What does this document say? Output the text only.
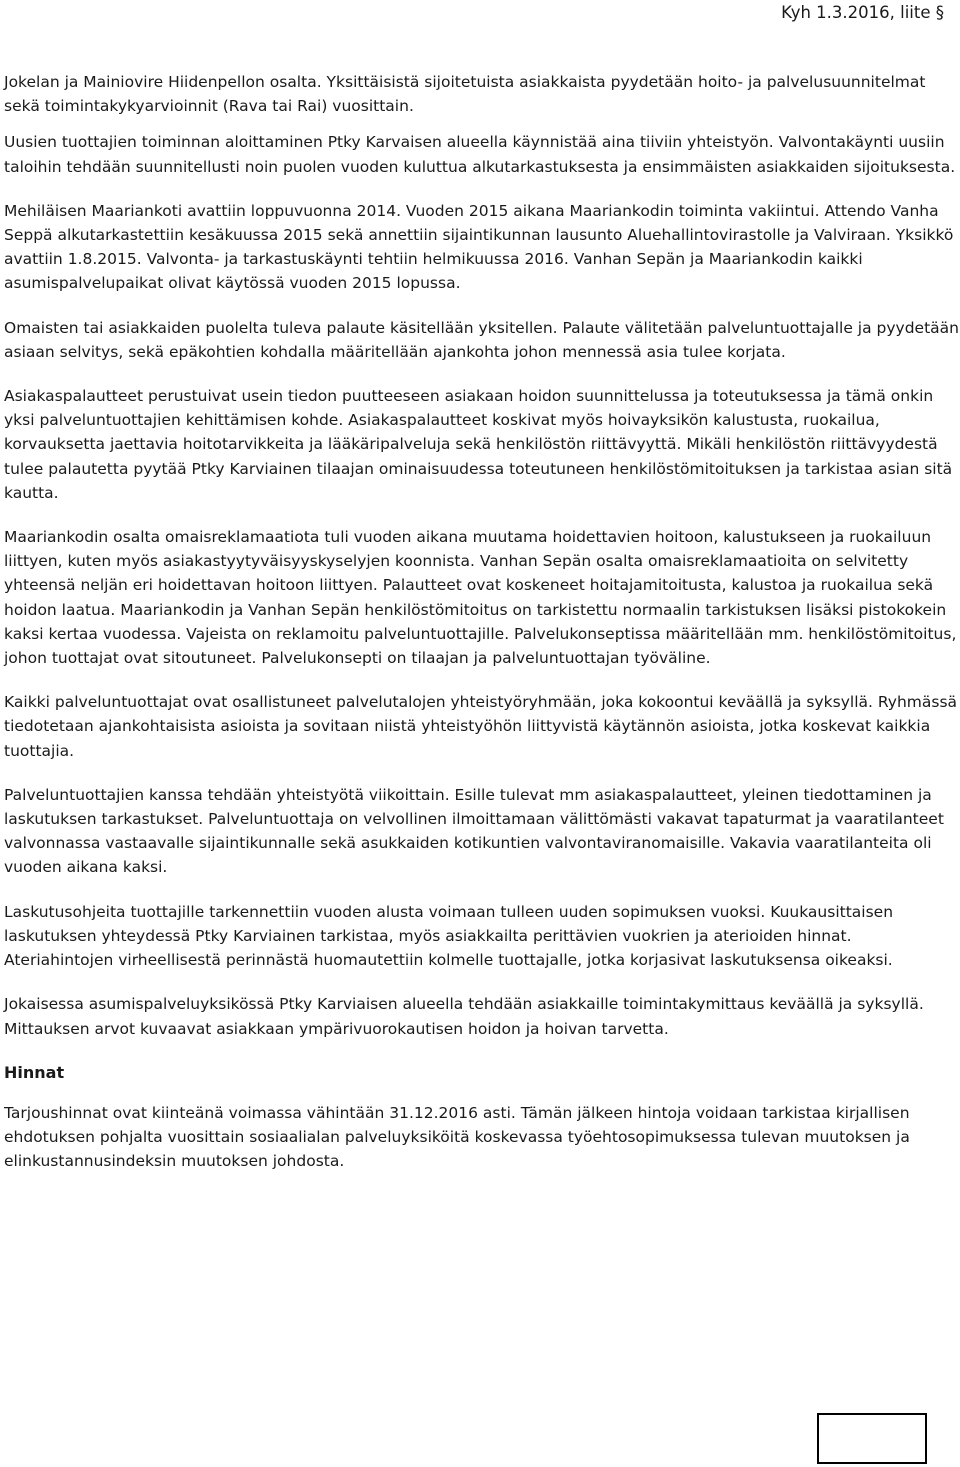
Kyh 1.3.2016, liite §

Jokelan ja Mainiovire Hiidenpellon osalta. Yksittäisistä sijoitetuista asiakkaista pyydetään hoito- ja palvelusuunnitelmat sekä toimintakykyarvioinnit (Rava tai Rai) vuosittain.

Uusien tuottajien toiminnan aloittaminen Ptky Karvaisen alueella käynnistää aina tiiviin yhteistyön. Valvontakäynti uusiin taloihin tehdään suunnitellusti noin puolen vuoden kuluttua alkutarkastuksesta ja ensimmäisten asiakkaiden sijoituksesta.

Mehiläisen Maariankoti avattiin loppuvuonna 2014. Vuoden 2015 aikana Maariankodin toiminta vakiintui. Attendo Vanha Seppä alkutarkastettiin kesäkuussa 2015 sekä annettiin sijaintikunnan lausunto Aluehallintovirastolle ja Valviraan. Yksikkö avattiin 1.8.2015. Valvonta- ja tarkastuskäynti tehtiin helmikuussa 2016. Vanhan Sepän ja Maariankodin kaikki asumispalvelupaikat olivat käytössä vuoden 2015 lopussa.

Omaisten tai asiakkaiden puolelta tuleva palaute käsitellään yksitellen. Palaute välitetään palveluntuottajalle ja pyydetään asiaan selvitys, sekä epäkohtien kohdalla määritellään ajankohta johon mennessä asia tulee korjata.

Asiakaspalautteet perustuivat usein tiedon puutteeseen asiakaan hoidon suunnittelussa ja toteutuksessa ja tämä onkin yksi palveluntuottajien kehittämisen kohde. Asiakaspalautteet koskivat myös hoivayksikön kalustusta, ruokailua, korvauksetta jaettavia hoitotarvikkeita ja lääkäripalveluja sekä henkilöstön riittävyyttä. Mikäli henkilöstön riittävyydestä tulee palautetta pyytää Ptky Karviainen tilaajan ominaisuudessa toteutuneen henkilöstömitoituksen ja tarkistaa asian sitä kautta.

Maariankodin osalta omaisreklamaatiota tuli vuoden aikana muutama hoidettavien hoitoon, kalustukseen ja ruokailuun liittyen, kuten myös asiakastyytyväisyyskyselyjen koonnista. Vanhan Sepän osalta omaisreklamaatioita on selvitetty yhteensä neljän eri hoidettavan hoitoon liittyen. Palautteet ovat koskeneet hoitajamitoitusta, kalustoa ja ruokailua sekä hoidon laatua. Maariankodin ja Vanhan Sepän henkilöstömitoitus on tarkistettu normaalin tarkistuksen lisäksi pistokokein kaksi kertaa vuodessa. Vajeista on reklamoitu palveluntuottajille. Palvelukonseptissa määritellään mm. henkilöstömitoitus, johon tuottajat ovat sitoutuneet. Palvelukonsepti on tilaajan ja palveluntuottajan työväline.

Kaikki palveluntuottajat ovat osallistuneet palvelutalojen yhteistyöryhmään, joka kokoontui keväällä ja syksyllä. Ryhmässä tiedotetaan ajankohtaisista asioista ja sovitaan niistä yhteistyöhön liittyvistä käytännön asioista, jotka koskevat kaikkia tuottajia.

Palveluntuottajien kanssa tehdään yhteistyötä viikoittain. Esille tulevat mm asiakaspalautteet, yleinen tiedottaminen ja laskutuksen tarkastukset. Palveluntuottaja on velvollinen ilmoittamaan välittömästi vakavat tapaturmat ja vaaratilanteet valvonnassa vastaavalle sijaintikunnalle sekä asukkaiden kotikuntien valvontaviranomaisille. Vakavia vaaratilanteita oli vuoden aikana kaksi.

Laskutusohjeita tuottajille tarkennettiin vuoden alusta voimaan tulleen uuden sopimuksen vuoksi. Kuukausittaisen laskutuksen yhteydessä Ptky Karviainen tarkistaa, myös asiakkailta perittävien vuokrien ja aterioiden hinnat. Ateriahintojen virheellisestä perinnästä huomautettiin kolmelle tuottajalle, jotka korjasivat laskutuksensa oikeaksi.

Jokaisessa asumispalveluyksikössä Ptky Karviaisen alueella tehdään asiakkaille toimintakymittaus keväällä ja syksyllä. Mittauksen arvot kuvaavat asiakkaan ympärivuorokautisen hoidon ja hoivan tarvetta.

Hinnat

Tarjoushinnat ovat kiinteänä voimassa vähintään 31.12.2016 asti. Tämän jälkeen hintoja voidaan tarkistaa kirjallisen ehdotuksen pohjalta vuosittain sosiaalialan palveluyksiköitä koskevassa työehtosopimuksessa tulevan muutoksen ja elinkustannusindeksin muutoksen johdosta.
